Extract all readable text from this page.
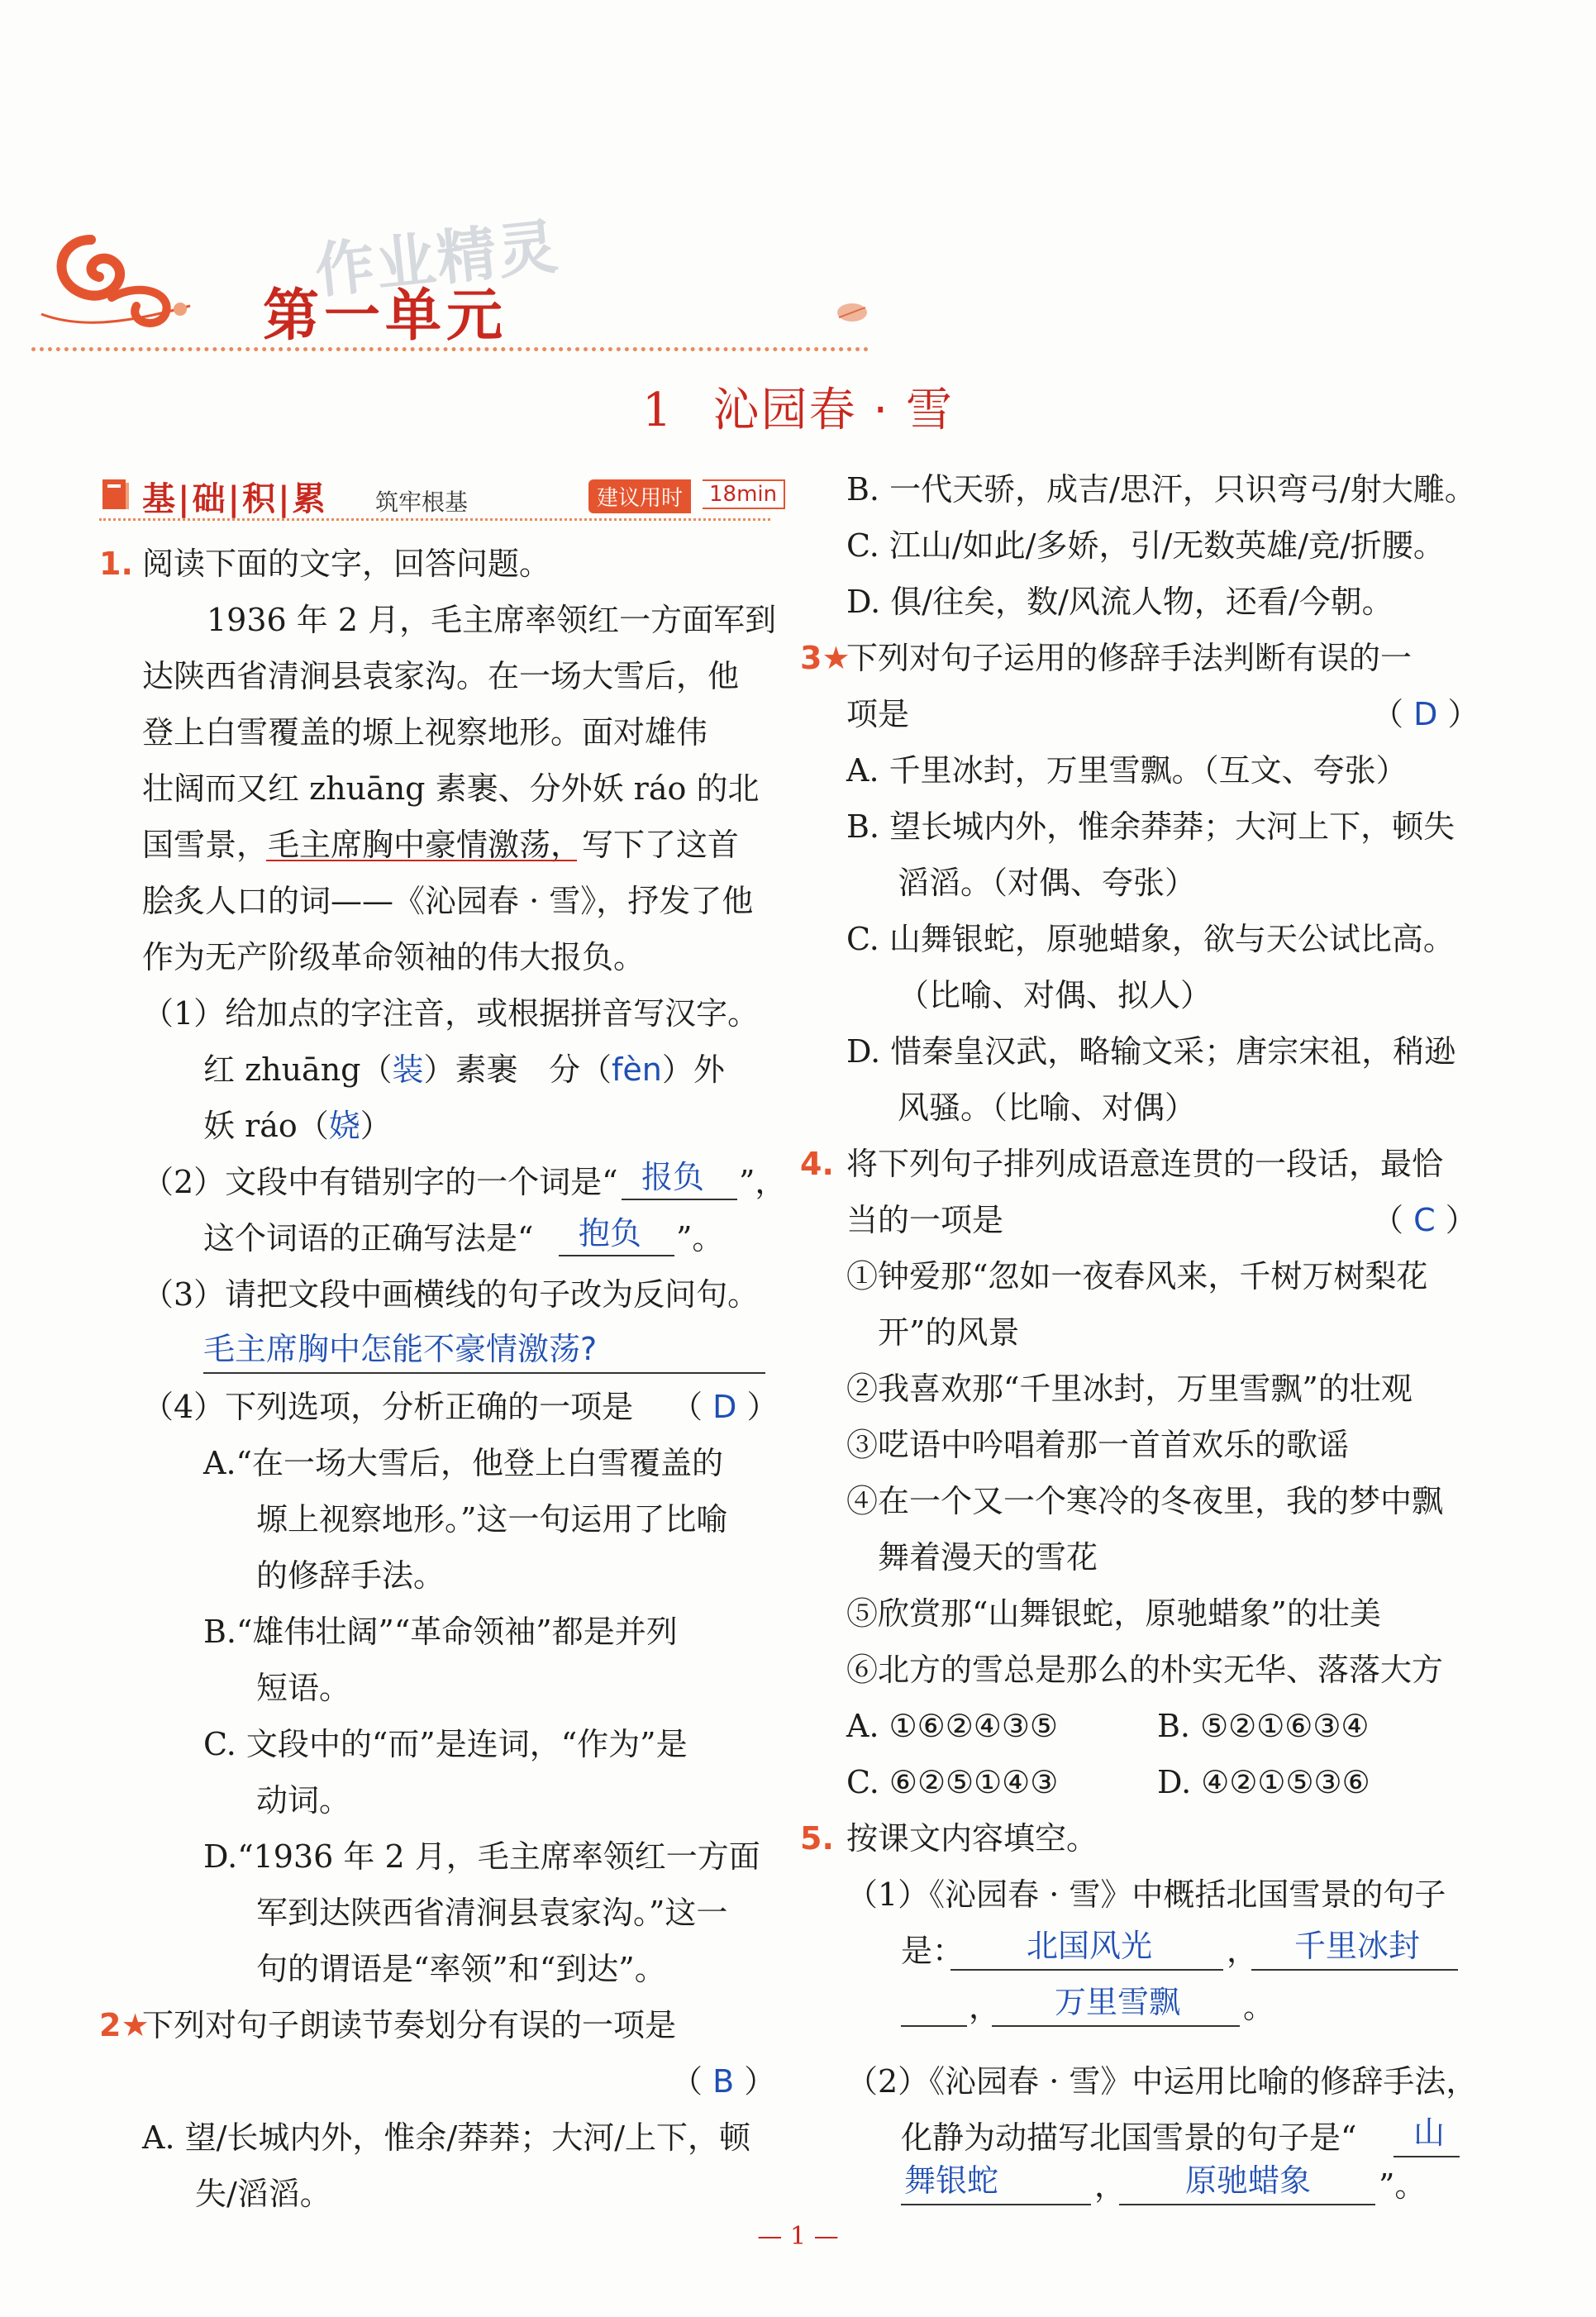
作业精灵
第一单元
1 沁园春 · 雪
基|础|积|累 筑牢根基	建议用时	18min
1. 阅读下面的文字，回答问题。
1936 年 2 月，毛主席率领红一方面军到
达陕西省清涧县袁家沟。在一场大雪后，他
登上白雪覆盖的塬上视察地形。面对雄伟
壮阔而又红 zhuāng 素裹、分外妖 ráo 的北
国雪景，毛主席胸中豪情激荡，写下了这首
脍炙人口的词——《沁园春 · 雪》，抒发了他
作为无产阶级革命领袖的伟大报负。
（1）给加点的字注音，或根据拼音写汉字。
红 zhuāng（装）素裹 分（fèn）外
妖 ráo（娆）
（2）文段中有错别字的一个词是“ 报负 ”，
这个词语的正确写法是“ 抱负 ”。
（3）请把文段中画横线的句子改为反问句。
毛主席胸中怎能不豪情激荡?
（4）下列选项，分析正确的一项是 （ D ）
A.“在一场大雪后，他登上白雪覆盖的
塬上视察地形。”这一句运用了比喻
的修辞手法。
B.“雄伟壮阔”“革命领袖”都是并列
短语。
C. 文段中的“而”是连词，“作为”是
动词。
D.“1936 年 2 月，毛主席率领红一方面
军到达陕西省清涧县袁家沟。”这一
句的谓语是“率领”和“到达”。
2★
下列对句子朗读节奏划分有误的一项是
（ B ）
A. 望/长城内外，惟余/莽莽；大河/上下，顿
失/滔滔。
B. 一代天骄，成吉/思汗，只识弯弓/射大雕。
C. 江山/如此/多娇，引/无数英雄/竞/折腰。
D. 俱/往矣，数/风流人物，还看/今朝。
3★
下列对句子运用的修辞手法判断有误的一
项是	（ D ）
A. 千里冰封，万里雪飘。（互文、夸张）
B. 望长城内外，惟余莽莽；大河上下，顿失
滔滔。（对偶、夸张）
C. 山舞银蛇，原驰蜡象，欲与天公试比高。
（比喻、对偶、拟人）
D. 惜秦皇汉武，略输文采；唐宗宋祖，稍逊
风骚。（比喻、对偶）
4. 将下列句子排列成语意连贯的一段话，最恰
当的一项是	（ C ）
①钟爱那“忽如一夜春风来，千树万树梨花
开”的风景
②我喜欢那“千里冰封，万里雪飘”的壮观
③呓语中吟唱着那一首首欢乐的歌谣
④在一个又一个寒冷的冬夜里，我的梦中飘
舞着漫天的雪花
⑤欣赏那“山舞银蛇，原驰蜡象”的壮美
⑥北方的雪总是那么的朴实无华、落落大方
A. ①⑥②④③⑤	B. ⑤②①⑥③④
C. ⑥②⑤①④③	D. ④②①⑤③⑥
5. 按课文内容填空。
（1）《沁园春 · 雪》中概括北国雪景的句子
是： 北国风光 ， 千里冰封
， 万里雪飘 。
（2）《沁园春 · 雪》中运用比喻的修辞手法，
化静为动描写北国雪景的句子是“ 山
舞银蛇	， 原驰蜡象 ”。
— 1 —
